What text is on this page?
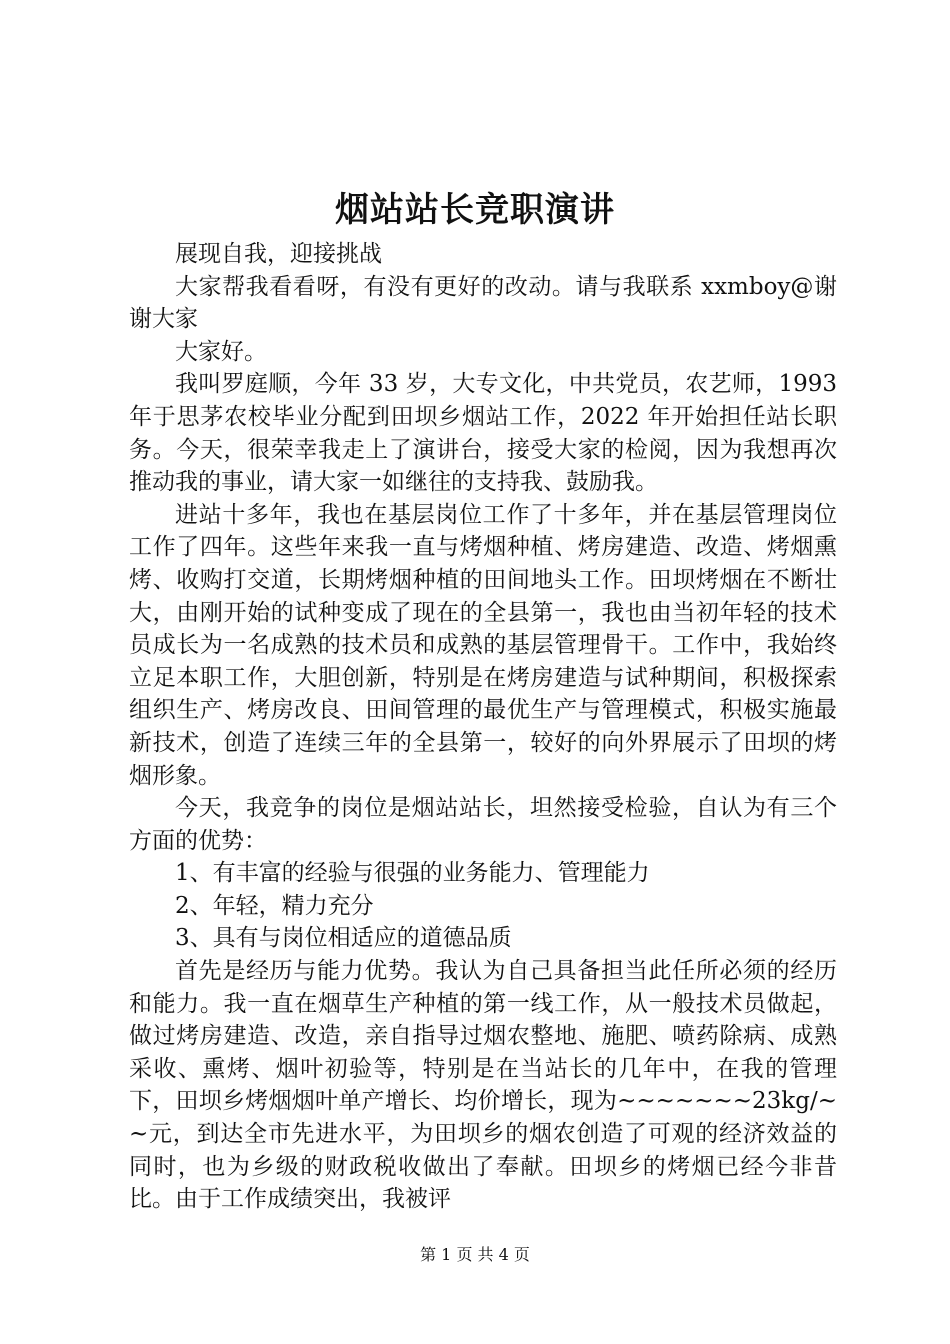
烟站站长竞职演讲

展现自我，迎接挑战

大家帮我看看呀，有没有更好的改动。请与我联系 xxmboy@谢谢大家

大家好。

我叫罗庭顺，今年 33 岁，大专文化，中共党员，农艺师，1993 年于思茅农校毕业分配到田坝乡烟站工作，2022 年开始担任站长职务。今天，很荣幸我走上了演讲台，接受大家的检阅，因为我想再次推动我的事业，请大家一如继往的支持我、鼓励我。

进站十多年，我也在基层岗位工作了十多年，并在基层管理岗位工作了四年。这些年来我一直与烤烟种植、烤房建造、改造、烤烟熏烤、收购打交道，长期烤烟种植的田间地头工作。田坝烤烟在不断壮大，由刚开始的试种变成了现在的全县第一，我也由当初年轻的技术员成长为一名成熟的技术员和成熟的基层管理骨干。工作中，我始终立足本职工作，大胆创新，特别是在烤房建造与试种期间，积极探索组织生产、烤房改良、田间管理的最优生产与管理模式，积极实施最新技术，创造了连续三年的全县第一，较好的向外界展示了田坝的烤烟形象。

今天，我竞争的岗位是烟站站长，坦然接受检验，自认为有三个方面的优势：

1、有丰富的经验与很强的业务能力、管理能力

2、年轻，精力充分

3、具有与岗位相适应的道德品质

首先是经历与能力优势。我认为自己具备担当此任所必须的经历和能力。我一直在烟草生产种植的第一线工作，从一般技术员做起，做过烤房建造、改造，亲自指导过烟农整地、施肥、喷药除病、成熟采收、熏烤、烟叶初验等，特别是在当站长的几年中，在我的管理下，田坝乡烤烟烟叶单产增长、均价增长，现为~~~~~~~23kg/~~元，到达全市先进水平，为田坝乡的烟农创造了可观的经济效益的同时，也为乡级的财政税收做出了奉献。田坝乡的烤烟已经今非昔比。由于工作成绩突出，我被评

第 1 页 共 4 页
